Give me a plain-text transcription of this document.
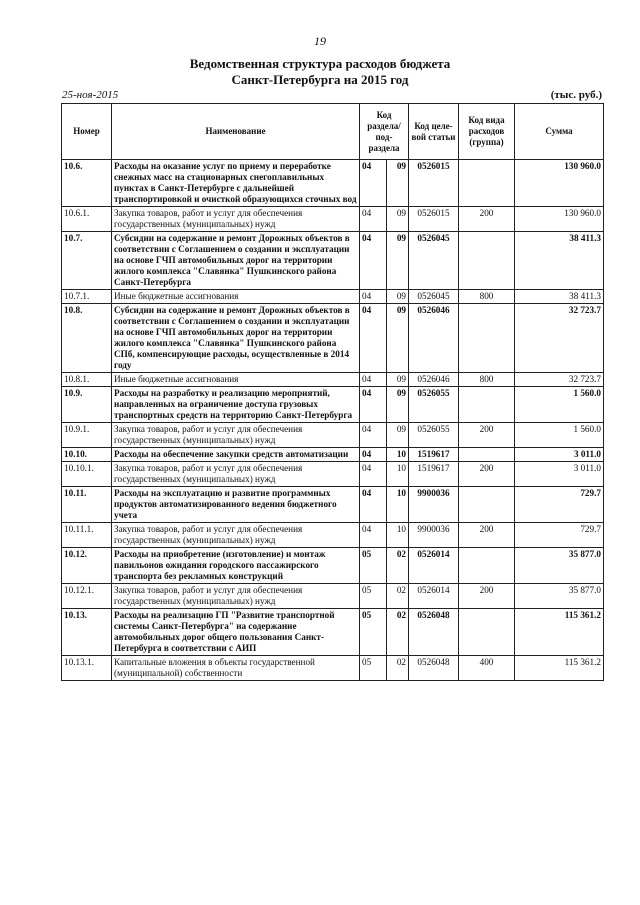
19
Ведомственная структура расходов бюджета
Санкт-Петербурга на 2015 год
25-ноя-2015	(тыс. руб.)
Номер	Наименование	Код раздела/ под-раздела		Код целе-вой статьи	Код вида расходов (группа)	Сумма
10.6.	Расходы на оказание услуг по приему и переработке снежных масс на стационарных снегоплавильных пунктах в Санкт-Петербурге с дальнейшей транспортировкой и очисткой образующихся сточных вод	04	09	0526015		130 960.0
10.6.1.	Закупка товаров, работ и услуг для обеспечения государственных (муниципальных) нужд	04	09	0526015	200	130 960.0
10.7.	Субсидии на содержание и ремонт Дорожных объектов в соответствии с Соглашением о создании и эксплуатации на основе ГЧП автомобильных дорог на территории жилого комплекса "Славянка" Пушкинского района Санкт-Петербурга	04	09	0526045		38 411.3
10.7.1.	Иные бюджетные ассигнования	04	09	0526045	800	38 411.3
10.8.	Субсидии на содержание и ремонт Дорожных объектов в соответствии с Соглашением о создании и эксплуатации на основе ГЧП автомобильных дорог на территории жилого комплекса "Славянка" Пушкинского района СПб, компенсирующие расходы, осуществленные в 2014 году	04	09	0526046		32 723.7
10.8.1.	Иные бюджетные ассигнования	04	09	0526046	800	32 723.7
10.9.	Расходы на разработку и реализацию мероприятий, направленных на ограничение доступа грузовых транспортных средств на территорию Санкт-Петербурга	04	09	0526055		1 560.0
10.9.1.	Закупка товаров, работ и услуг для обеспечения государственных (муниципальных) нужд	04	09	0526055	200	1 560.0
10.10.	Расходы на обеспечение закупки средств автоматизации	04	10	1519617		3 011.0
10.10.1.	Закупка товаров, работ и услуг для обеспечения государственных (муниципальных) нужд	04	10	1519617	200	3 011.0
10.11.	Расходы на эксплуатацию и развитие программных продуктов автоматизированного ведения бюджетного учета	04	10	9900036		729.7
10.11.1.	Закупка товаров, работ и услуг для обеспечения государственных (муниципальных) нужд	04	10	9900036	200	729.7
10.12.	Расходы на приобретение (изготовление) и монтаж павильонов ожидания городского пассажирского транспорта без рекламных конструкций	05	02	0526014		35 877.0
10.12.1.	Закупка товаров, работ и услуг для обеспечения государственных (муниципальных) нужд	05	02	0526014	200	35 877.0
10.13.	Расходы на реализацию ГП "Развитие транспортной системы Санкт-Петербурга" на содержание автомобильных дорог общего пользования Санкт-Петербурга в соответствии с АИП	05	02	0526048		115 361.2
10.13.1.	Капитальные вложения в объекты государственной (муниципальной) собственности	05	02	0526048	400	115 361.2
